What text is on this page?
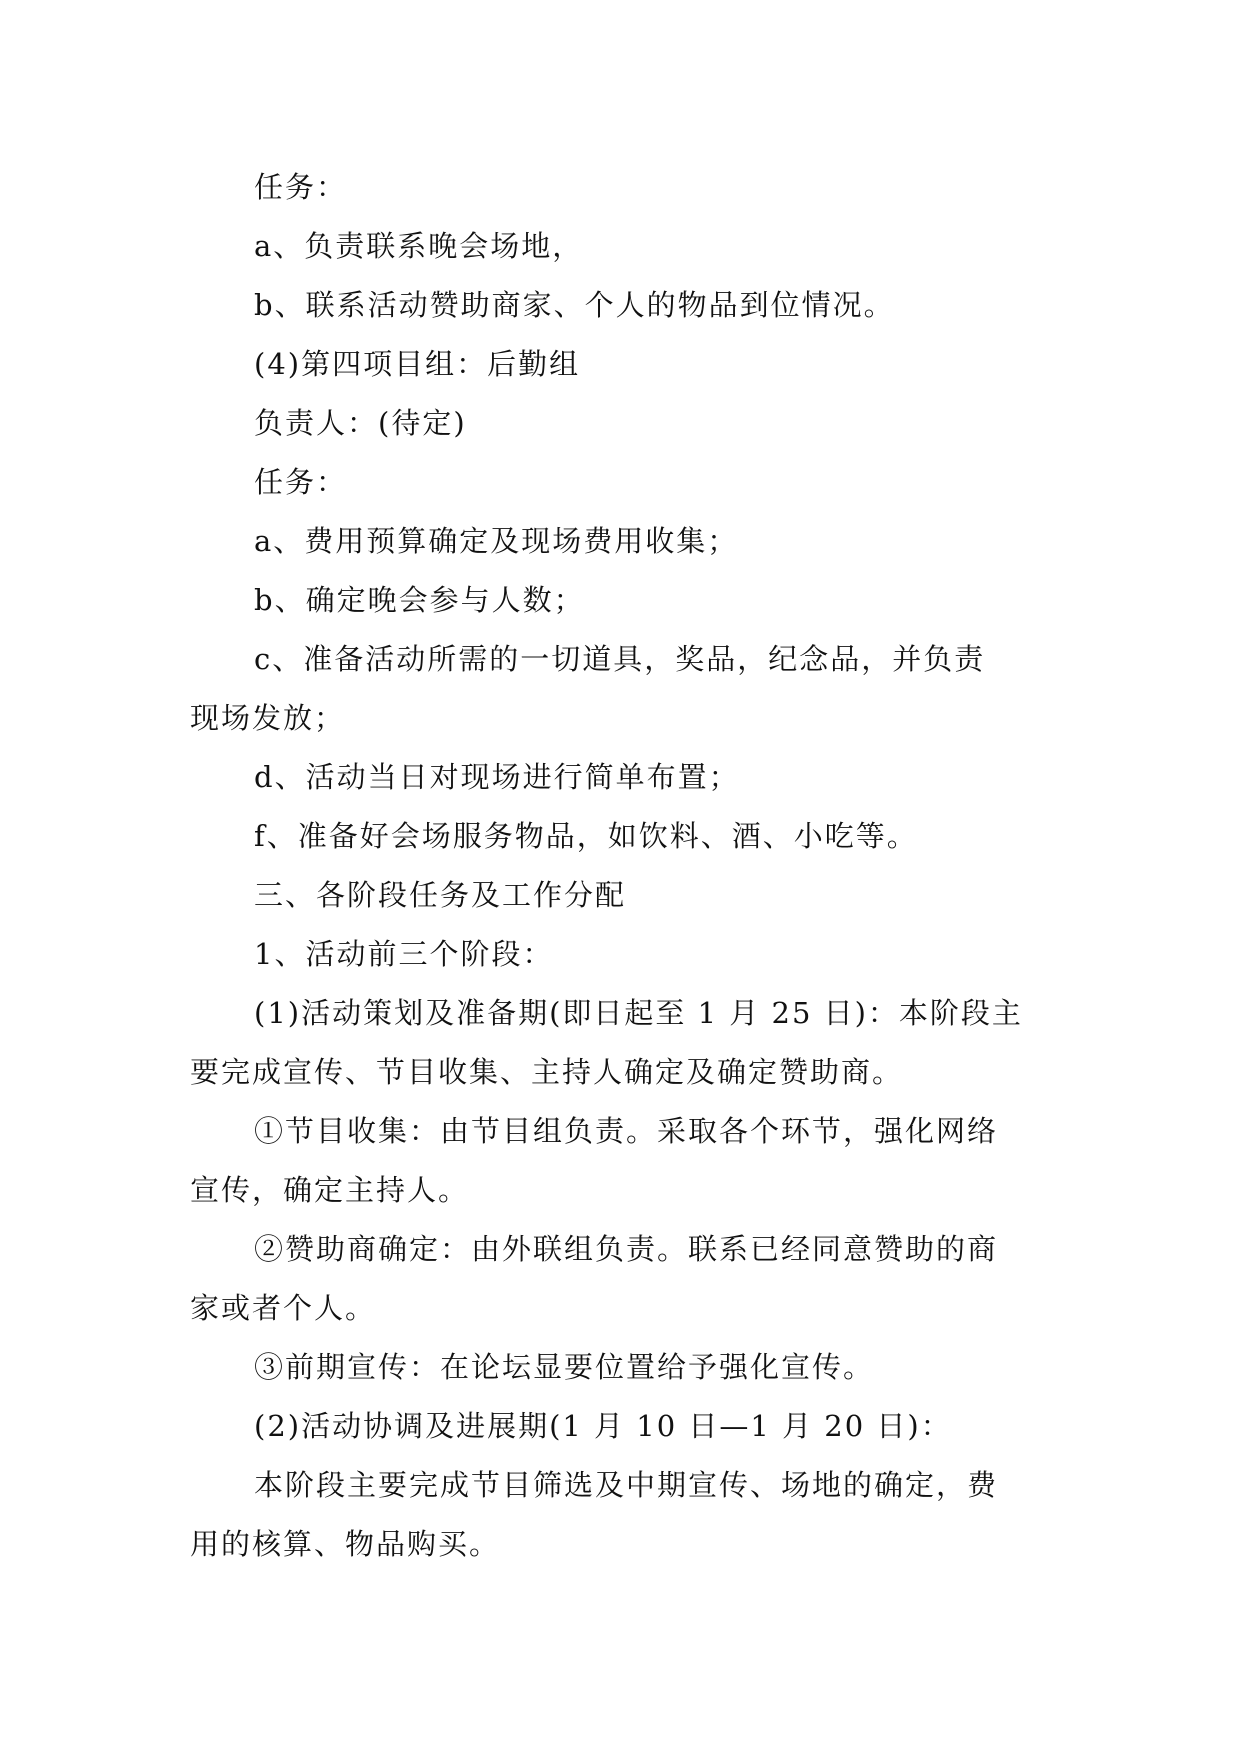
任务：
a、负责联系晚会场地，
b、联系活动赞助商家、个人的物品到位情况。
(4)第四项目组：后勤组
负责人：(待定)
任务：
a、费用预算确定及现场费用收集；
b、确定晚会参与人数；
c、准备活动所需的一切道具，奖品，纪念品，并负责
现场发放；
d、活动当日对现场进行简单布置；
f、准备好会场服务物品，如饮料、酒、小吃等。
三、各阶段任务及工作分配
1、活动前三个阶段：
(1)活动策划及准备期(即日起至 1 月 25 日)：本阶段主
要完成宣传、节目收集、主持人确定及确定赞助商。
①节目收集：由节目组负责。采取各个环节，强化网络
宣传，确定主持人。
②赞助商确定：由外联组负责。联系已经同意赞助的商
家或者个人。
③前期宣传：在论坛显要位置给予强化宣传。
(2)活动协调及进展期(1 月 10 日—1 月 20 日)：
本阶段主要完成节目筛选及中期宣传、场地的确定，费
用的核算、物品购买。
